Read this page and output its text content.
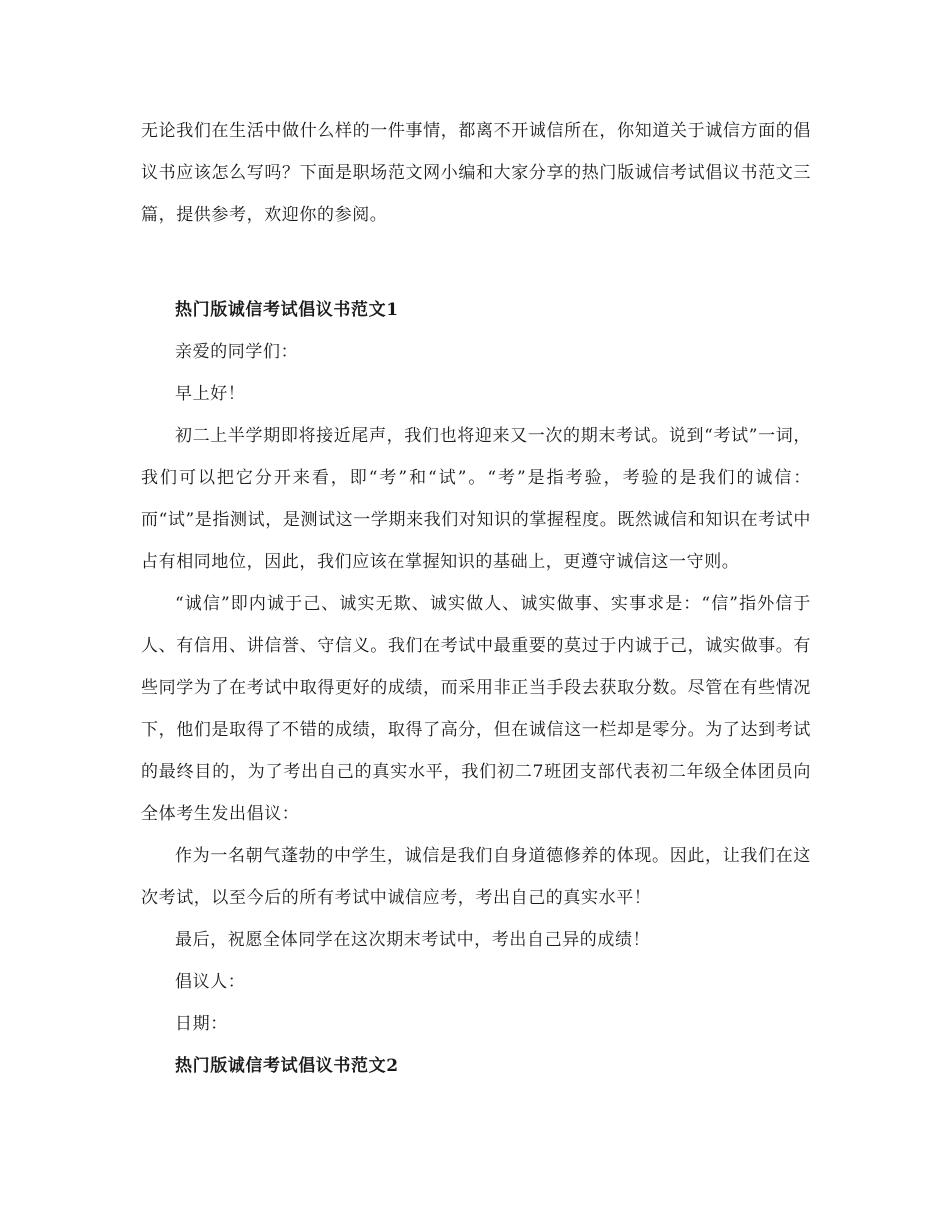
无论我们在生活中做什么样的一件事情，都离不开诚信所在，你知道关于诚信方面的倡议书应该怎么写吗？下面是职场范文网小编和大家分享的热门版诚信考试倡议书范文三篇，提供参考，欢迎你的参阅。

热门版诚信考试倡议书范文1

亲爱的同学们：

早上好！

初二上半学期即将接近尾声，我们也将迎来又一次的期末考试。说到“考试”一词，我们可以把它分开来看，即“考”和“试”。“考”是指考验，考验的是我们的诚信：而“试”是指测试，是测试这一学期来我们对知识的掌握程度。既然诚信和知识在考试中占有相同地位，因此，我们应该在掌握知识的基础上，更遵守诚信这一守则。

“诚信”即内诚于己、诚实无欺、诚实做人、诚实做事、实事求是：“信”指外信于人、有信用、讲信誉、守信义。我们在考试中最重要的莫过于内诚于己，诚实做事。有些同学为了在考试中取得更好的成绩，而采用非正当手段去获取分数。尽管在有些情况下，他们是取得了不错的成绩，取得了高分，但在诚信这一栏却是零分。为了达到考试的最终目的，为了考出自己的真实水平，我们初二7班团支部代表初二年级全体团员向全体考生发出倡议：

作为一名朝气蓬勃的中学生，诚信是我们自身道德修养的体现。因此，让我们在这次考试，以至今后的所有考试中诚信应考，考出自己的真实水平！

最后，祝愿全体同学在这次期末考试中，考出自己异的成绩！

倡议人：

日期：

热门版诚信考试倡议书范文2
